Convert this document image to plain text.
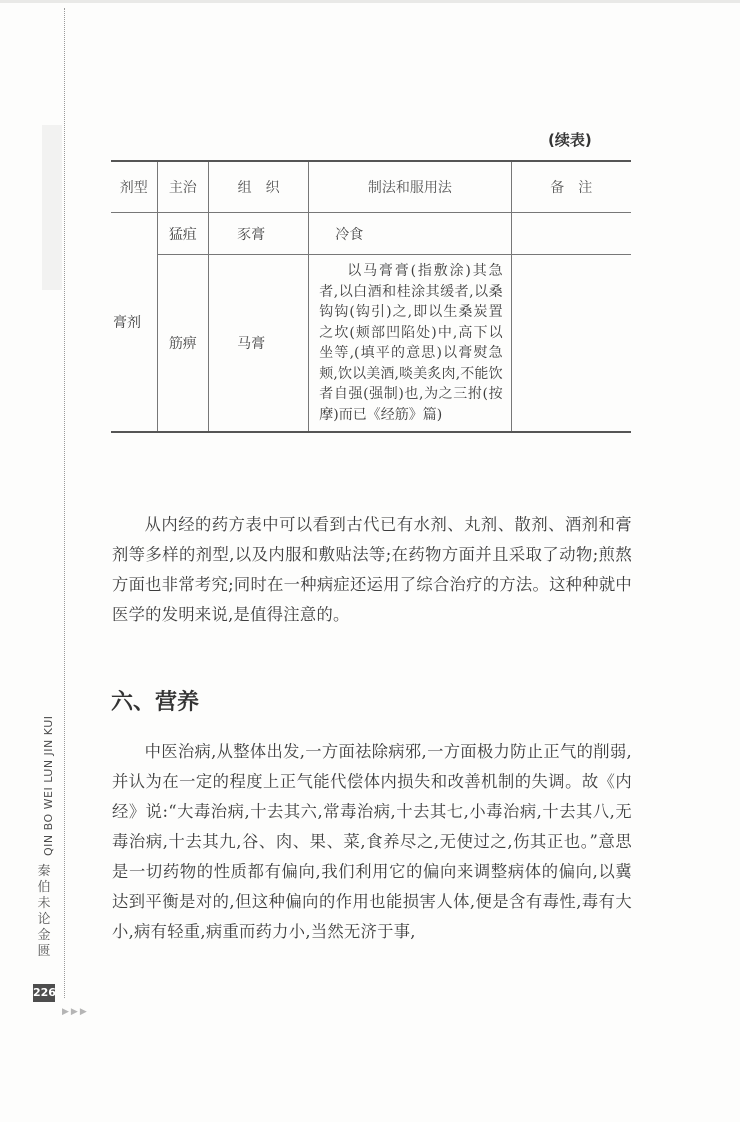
QIN BO WEI LUN JIN KUI
秦
伯
未
论
金
匮
226
▶▶▶
(续表)
剂型	主治	组　织	制法和服用法	备　注
膏剂	猛疽	豕膏	冷食	
	筋痹	马膏	以马膏膏(指敷涂)其急者,以白酒和桂涂其缓者,以桑钩钩(钩引)之,即以生桑炭置之坎(颊部凹陷处)中,高下以坐等,(填平的意思)以膏熨急颊,饮以美酒,啖美炙肉,不能饮者自强(强制)也,为之三拊(按摩)而已《经筋》篇)	

从内经的药方表中可以看到古代已有水剂、丸剂、散剂、酒剂和膏剂等多样的剂型,以及内服和敷贴法等;在药物方面并且采取了动物;煎熬方面也非常考究;同时在一种病症还运用了综合治疗的方法。这种种就中医学的发明来说,是值得注意的。
六、营养
中医治病,从整体出发,一方面祛除病邪,一方面极力防止正气的削弱,并认为在一定的程度上正气能代偿体内损失和改善机制的失调。故《内经》说:“大毒治病,十去其六,常毒治病,十去其七,小毒治病,十去其八,无毒治病,十去其九,谷、肉、果、菜,食养尽之,无使过之,伤其正也。”意思是一切药物的性质都有偏向,我们利用它的偏向来调整病体的偏向,以冀达到平衡是对的,但这种偏向的作用也能损害人体,便是含有毒性,毒有大小,病有轻重,病重而药力小,当然无济于事,
